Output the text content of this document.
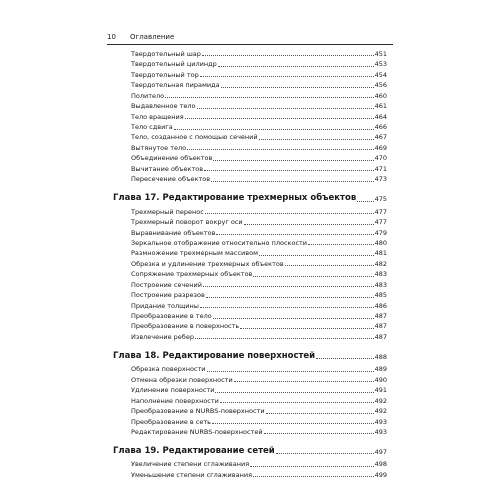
10 Оглавление
Твердотельный шар	451
Твердотельный цилиндр	453
Твердотельный тор	454
Твердотельная пирамида	456
Политело	460
Выдавленное тело	461
Тело вращения	464
Тело сдвига	466
Тело, созданное с помощью сечений	467
Вытянутое тело	469
Объединение объектов	470
Вычитание объектов	471
Пересечение объектов	473
Глава 17. Редактирование трехмерных объектов	475
Трехмерный перенос	477
Трехмерный поворот вокруг оси	477
Выравнивание объектов	479
Зеркальное отображение относительно плоскости	480
Размножение трехмерным массивом	481
Обрезка и удлинение трехмерных объектов	482
Сопряжение трехмерных объектов	483
Построение сечений	483
Построение разрезов	485
Придание толщины	486
Преобразование в тело	487
Преобразование в поверхность	487
Извлечение ребер	487
Глава 18. Редактирование поверхностей	488
Обрезка поверхности	489
Отмена обрезки поверхности	490
Удлинение поверхности	491
Наполнение поверхности	492
Преобразование в NURBS-поверхности	492
Преобразование в сеть	493
Редактирование NURBS-поверхностей	493
Глава 19. Редактирование сетей	497
Увеличение степени сглаживания	498
Уменьшение степени сглаживания	499
